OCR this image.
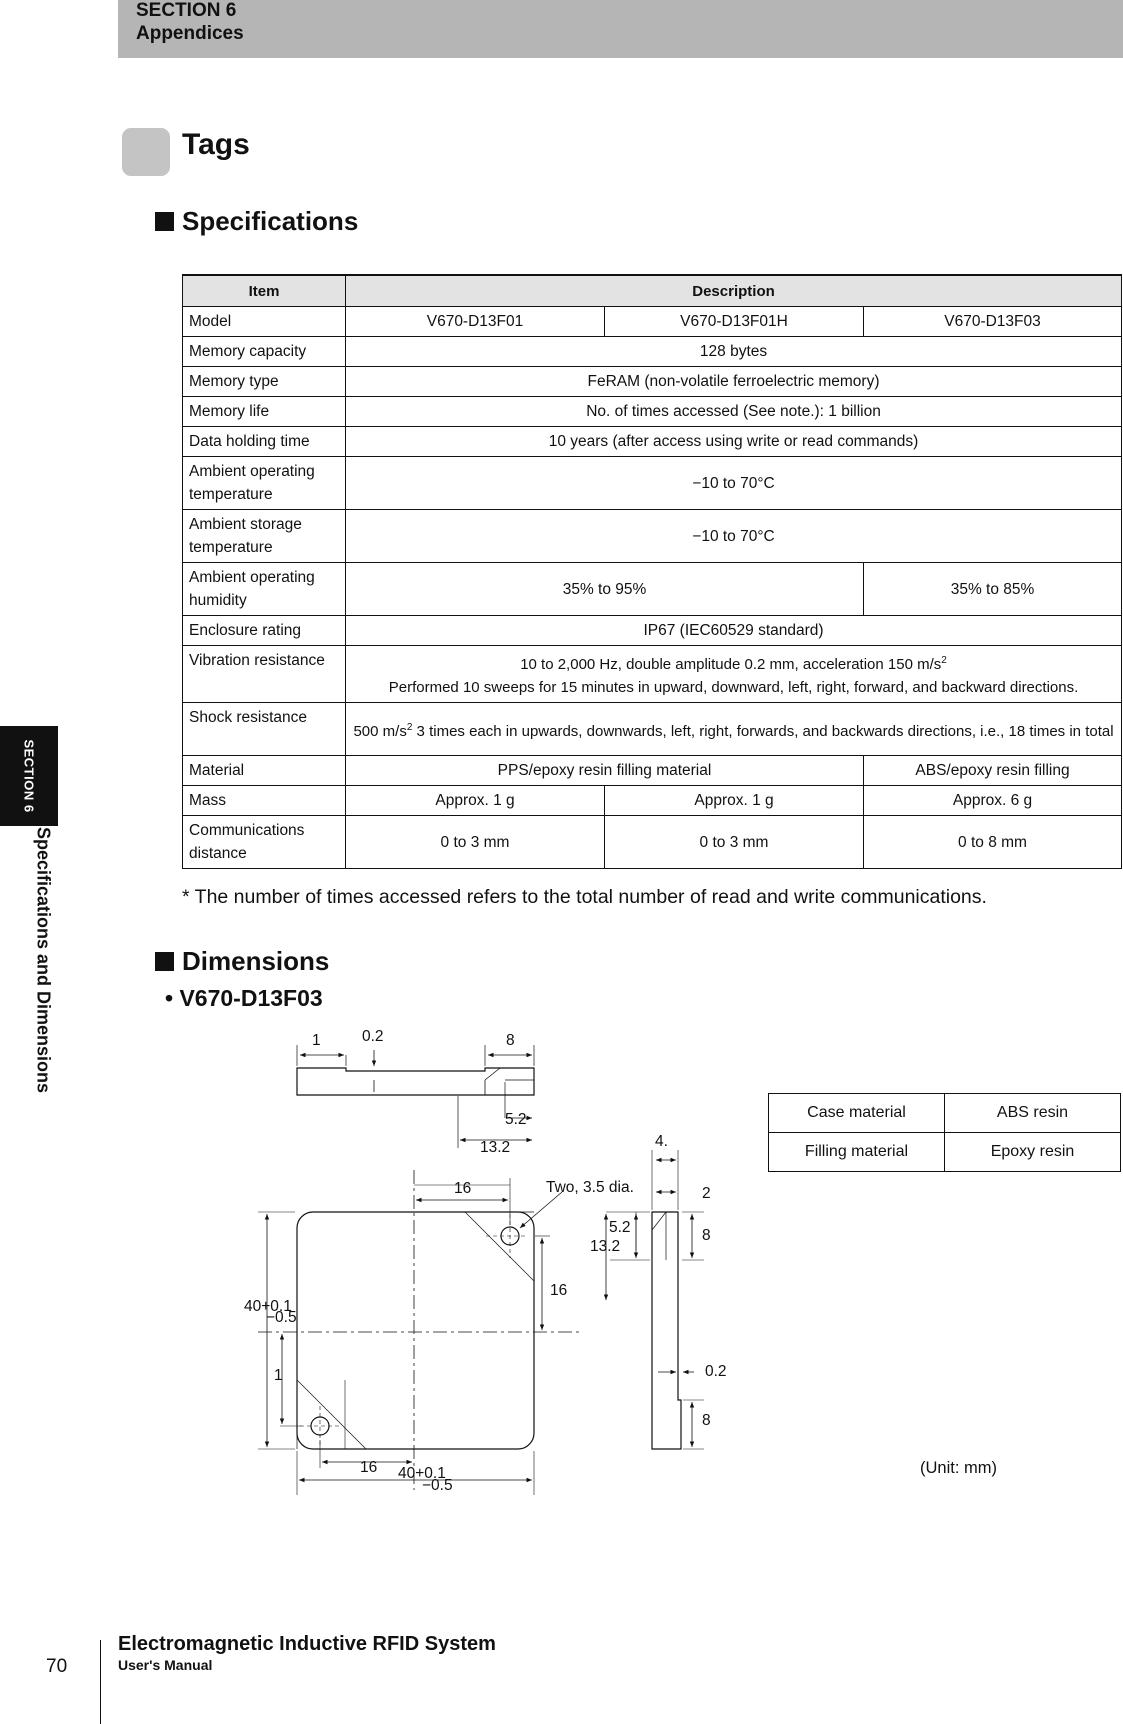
SECTION 6
Appendices
SECTION 6
Specifications and Dimensions
Tags
Specifications
Item	Description		
Model	V670-D13F01	V670-D13F01H	V670-D13F03
Memory capacity	128 bytes		
Memory type	FeRAM (non-volatile ferroelectric memory)		
Memory life	No. of times accessed (See note.): 1 billion		
Data holding time	10 years (after access using write or read commands)		
Ambient operating temperature	−10 to 70°C		
Ambient storage temperature	−10 to 70°C		
Ambient operating humidity	35% to 95%		35% to 85%
Enclosure rating	IP67 (IEC60529 standard)		
Vibration resistance	10 to 2,000 Hz, double amplitude 0.2 mm, acceleration 150 $m/s^2$
Performed 10 sweeps for 15 minutes in upward, downward, left, right, forward, and backward directions.		
Shock resistance	500 $m/s^2$ 3 times each in upwards, downwards, left, right, forwards, and backwards directions, i.e., 18 times in total		
Material	PPS/epoxy resin filling material		ABS/epoxy resin filling
Mass	Approx. 1 g	Approx. 1 g	Approx. 6 g
Communications distance	0 to 3 mm	0 to 3 mm	0 to 8 mm
* The number of times accessed refers to the total number of read and write communications.
Dimensions
• V670-D13F03
1	0.2	8
5.2
13.2
16	Two, 3.5 dia.
16
40+0.1
−0.5
1
16 40+0.1
−0.5
4.
2
5.2
13.2
8
0.2
8
Case material	ABS resin
Filling material	Epoxy resin
(Unit: mm)
70
Electromagnetic Inductive RFID System
User's Manual
